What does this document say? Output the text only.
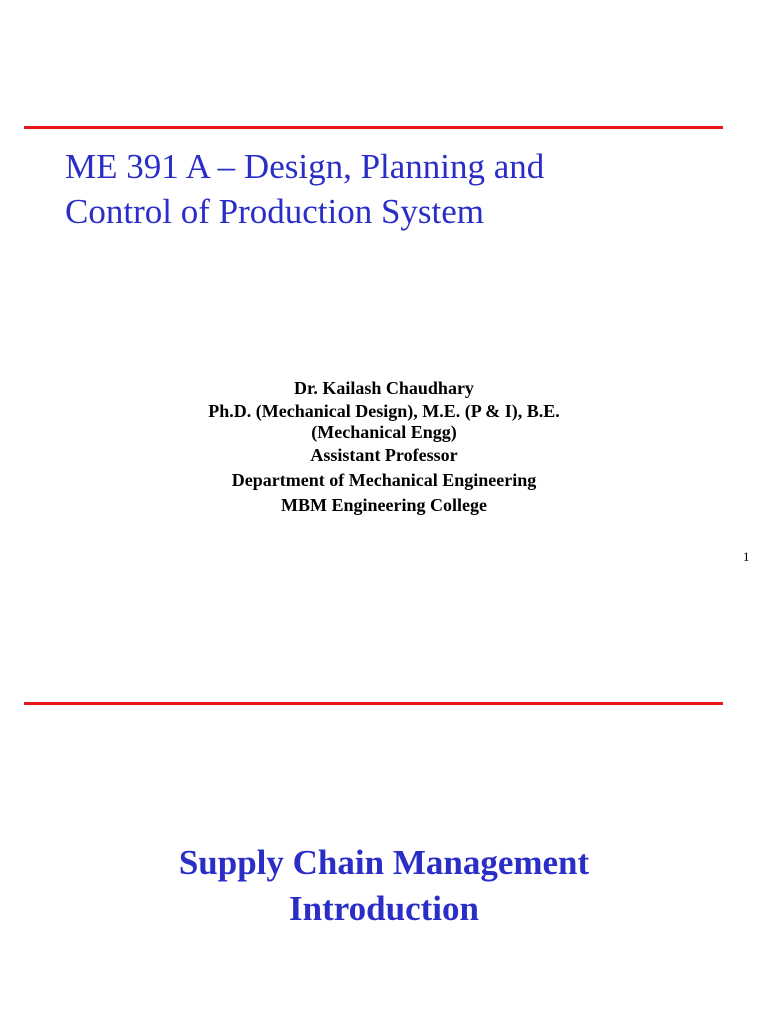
ME 391 A – Design, Planning and
Control of Production System
Dr. Kailash Chaudhary
Ph.D. (Mechanical Design), M.E. (P & I), B.E.
(Mechanical Engg)
Assistant Professor
Department of Mechanical Engineering
MBM Engineering College
1
Supply Chain Management
Introduction
